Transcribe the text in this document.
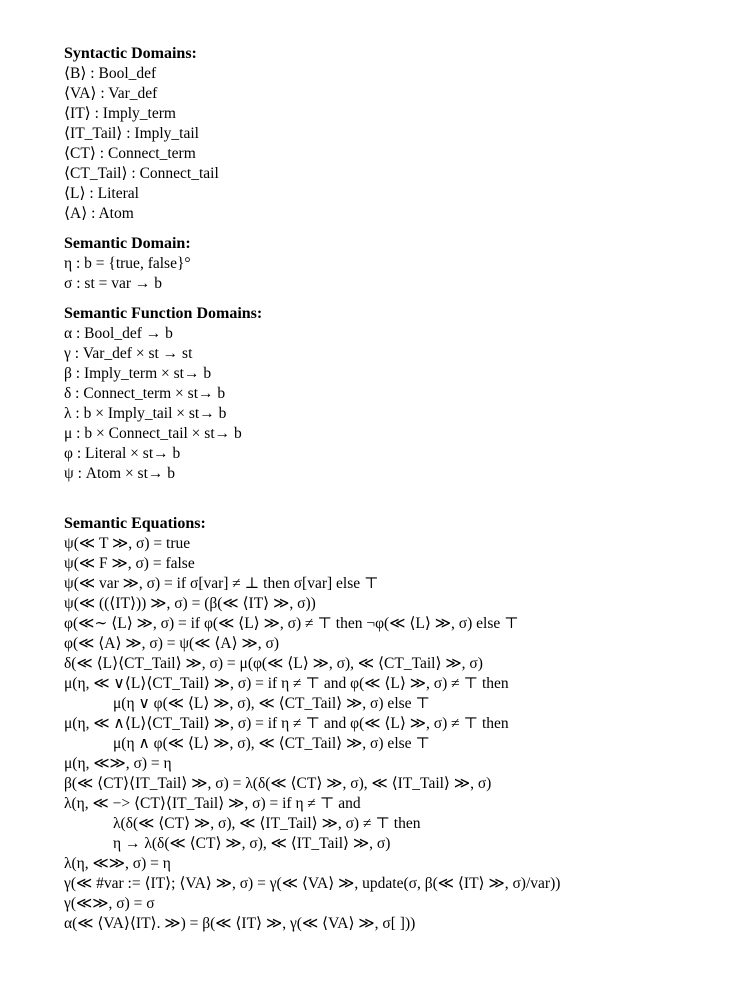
Syntactic Domains:
⟨B⟩ : Bool_def
⟨VA⟩ : Var_def
⟨IT⟩ : Imply_term
⟨IT_Tail⟩ : Imply_tail
⟨CT⟩ : Connect_term
⟨CT_Tail⟩ : Connect_tail
⟨L⟩ : Literal
⟨A⟩ : Atom
Semantic Domain:
η : b = {true, false}°
σ : st = var → b
Semantic Function Domains:
α : Bool_def → b
γ : Var_def × st → st
β : Imply_term × st→ b
δ : Connect_term × st→ b
λ : b × Imply_tail × st→ b
μ : b × Connect_tail × st→ b
φ : Literal × st→ b
ψ : Atom × st→ b
Semantic Equations:
ψ(≪ T ≫, σ) = true
ψ(≪ F ≫, σ) = false
ψ(≪ var ≫, σ) = if σ[var] ≠ ⊥ then σ[var] else ⊤
ψ(≪ ((⟨IT⟩)) ≫, σ) = (β(≪ ⟨IT⟩ ≫, σ))
φ(≪∼ ⟨L⟩ ≫, σ) = if φ(≪ ⟨L⟩ ≫, σ) ≠ ⊤ then ¬φ(≪ ⟨L⟩ ≫, σ) else ⊤
φ(≪ ⟨A⟩ ≫, σ) = ψ(≪ ⟨A⟩ ≫, σ)
δ(≪ ⟨L⟩⟨CT_Tail⟩ ≫, σ) = μ(φ(≪ ⟨L⟩ ≫, σ), ≪ ⟨CT_Tail⟩ ≫, σ)
μ(η, ≪ ∨⟨L⟩⟨CT_Tail⟩ ≫, σ) = if η ≠ ⊤ and φ(≪ ⟨L⟩ ≫, σ) ≠ ⊤ then
μ(η ∨ φ(≪ ⟨L⟩ ≫, σ), ≪ ⟨CT_Tail⟩ ≫, σ) else ⊤
μ(η, ≪ ∧⟨L⟩⟨CT_Tail⟩ ≫, σ) = if η ≠ ⊤ and φ(≪ ⟨L⟩ ≫, σ) ≠ ⊤ then
μ(η ∧ φ(≪ ⟨L⟩ ≫, σ), ≪ ⟨CT_Tail⟩ ≫, σ) else ⊤
μ(η, ≪≫, σ) = η
β(≪ ⟨CT⟩⟨IT_Tail⟩ ≫, σ) = λ(δ(≪ ⟨CT⟩ ≫, σ), ≪ ⟨IT_Tail⟩ ≫, σ)
λ(η, ≪ −> ⟨CT⟩⟨IT_Tail⟩ ≫, σ) = if η ≠ ⊤ and
λ(δ(≪ ⟨CT⟩ ≫, σ), ≪ ⟨IT_Tail⟩ ≫, σ) ≠ ⊤ then
η → λ(δ(≪ ⟨CT⟩ ≫, σ), ≪ ⟨IT_Tail⟩ ≫, σ)
λ(η, ≪≫, σ) = η
γ(≪ #var := ⟨IT⟩; ⟨VA⟩ ≫, σ) = γ(≪ ⟨VA⟩ ≫, update(σ, β(≪ ⟨IT⟩ ≫, σ)/var))
γ(≪≫, σ) = σ
α(≪ ⟨VA⟩⟨IT⟩. ≫) = β(≪ ⟨IT⟩ ≫, γ(≪ ⟨VA⟩ ≫, σ[ ]))
